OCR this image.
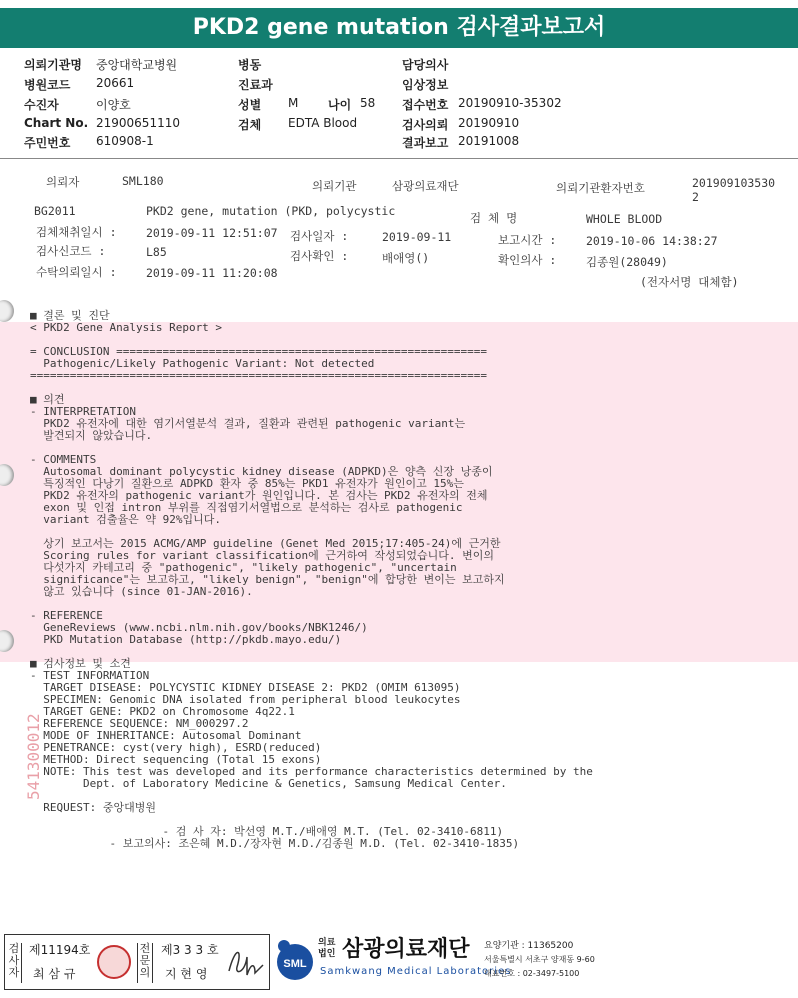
PKD2 gene mutation 검사결과보고서
의뢰기관명 중앙대학교병원
병원코드 20661
수진자	이양호
Chart No. 21900651110
주민번호 610908-1
병동
진료과
성별 M 나이 58
검체 EDTA Blood
담당의사
임상정보
접수번호 20190910-35302
검사의뢰 20190910
결과보고 20191008
의뢰자	SML180	의뢰기관	삼광의료재단	의뢰기관환자번호	201909103530
2
BG2011	PKD2 gene, mutation (PKD, polycystic	검 체 명	WHOLE BLOOD
검체채취일시 :	2019-09-11 12:51:07 검사일자 :	2019-09-11	보고시간 :	2019-10-06 14:38:27
검사신코드 :	L85	검사확인 :	배애영()	확인의사 :	김종원(28049)
수탁의뢰일시 :	2019-09-11 11:20:08
(전자서명 대체함)
■ 결론 및 진단
< PKD2 Gene Analysis Report >

= CONCLUSION ========================================================
Pathogenic/Likely Pathogenic Variant: Not detected
=====================================================================

■ 의견
- INTERPRETATION
PKD2 유전자에 대한 염기서열분석 결과, 질환과 관련된 pathogenic variant는
발견되지 않았습니다.

- COMMENTS
Autosomal dominant polycystic kidney disease (ADPKD)은 양측 신장 낭종이
특징적인 다낭기 질환으로 ADPKD 환자 중 85%는 PKD1 유전자가 원인이고 15%는
PKD2 유전자의 pathogenic variant가 원인입니다. 본 검사는 PKD2 유전자의 전체
exon 및 인접 intron 부위를 직접염기서열법으로 분석하는 검사로 pathogenic
variant 검출율은 약 92%입니다.

상기 보고서는 2015 ACMG/AMP guideline (Genet Med 2015;17:405-24)에 근거한
Scoring rules for variant classification에 근거하여 작성되었습니다. 변이의
다섯가지 카테고리 중 "pathogenic", "likely pathogenic", "uncertain
significance"는 보고하고, "likely benign", "benign"에 합당한 변이는 보고하지
않고 있습니다 (since 01-JAN-2016).

- REFERENCE
GeneReviews (www.ncbi.nlm.nih.gov/books/NBK1246/)
PKD Mutation Database (http://pkdb.mayo.edu/)

■ 검사정보 및 소견
- TEST INFORMATION
TARGET DISEASE: POLYCYSTIC KIDNEY DISEASE 2: PKD2 (OMIM 613095)
SPECIMEN: Genomic DNA isolated from peripheral blood leukocytes
TARGET GENE: PKD2 on Chromosome 4q22.1
REFERENCE SEQUENCE: NM_000297.2
MODE OF INHERITANCE: Autosomal Dominant
PENETRANCE: cyst(very high), ESRD(reduced)
METHOD: Direct sequencing (Total 15 exons)
NOTE: This test was developed and its performance characteristics determined by the
Dept. of Laboratory Medicine & Genetics, Samsung Medical Center.

REQUEST: 중앙대병원

- 검 사 자: 박선영 M.T./배애영 M.T. (Tel. 02-3410-6811)
- 보고의사: 조은혜 M.D./장자현 M.D./김종원 M.D. (Tel. 02-3410-1835)
541300012
검사자
제11194호
최 삼 규
전문의
제3 3 3 호
지 현 영
SML
의료 법인 삼광의료재단
Samkwang Medical Laboratories
요양기관 : 11365200
서울특별시 서초구 양재동 9-60
대표번호 : 02-3497-5100
